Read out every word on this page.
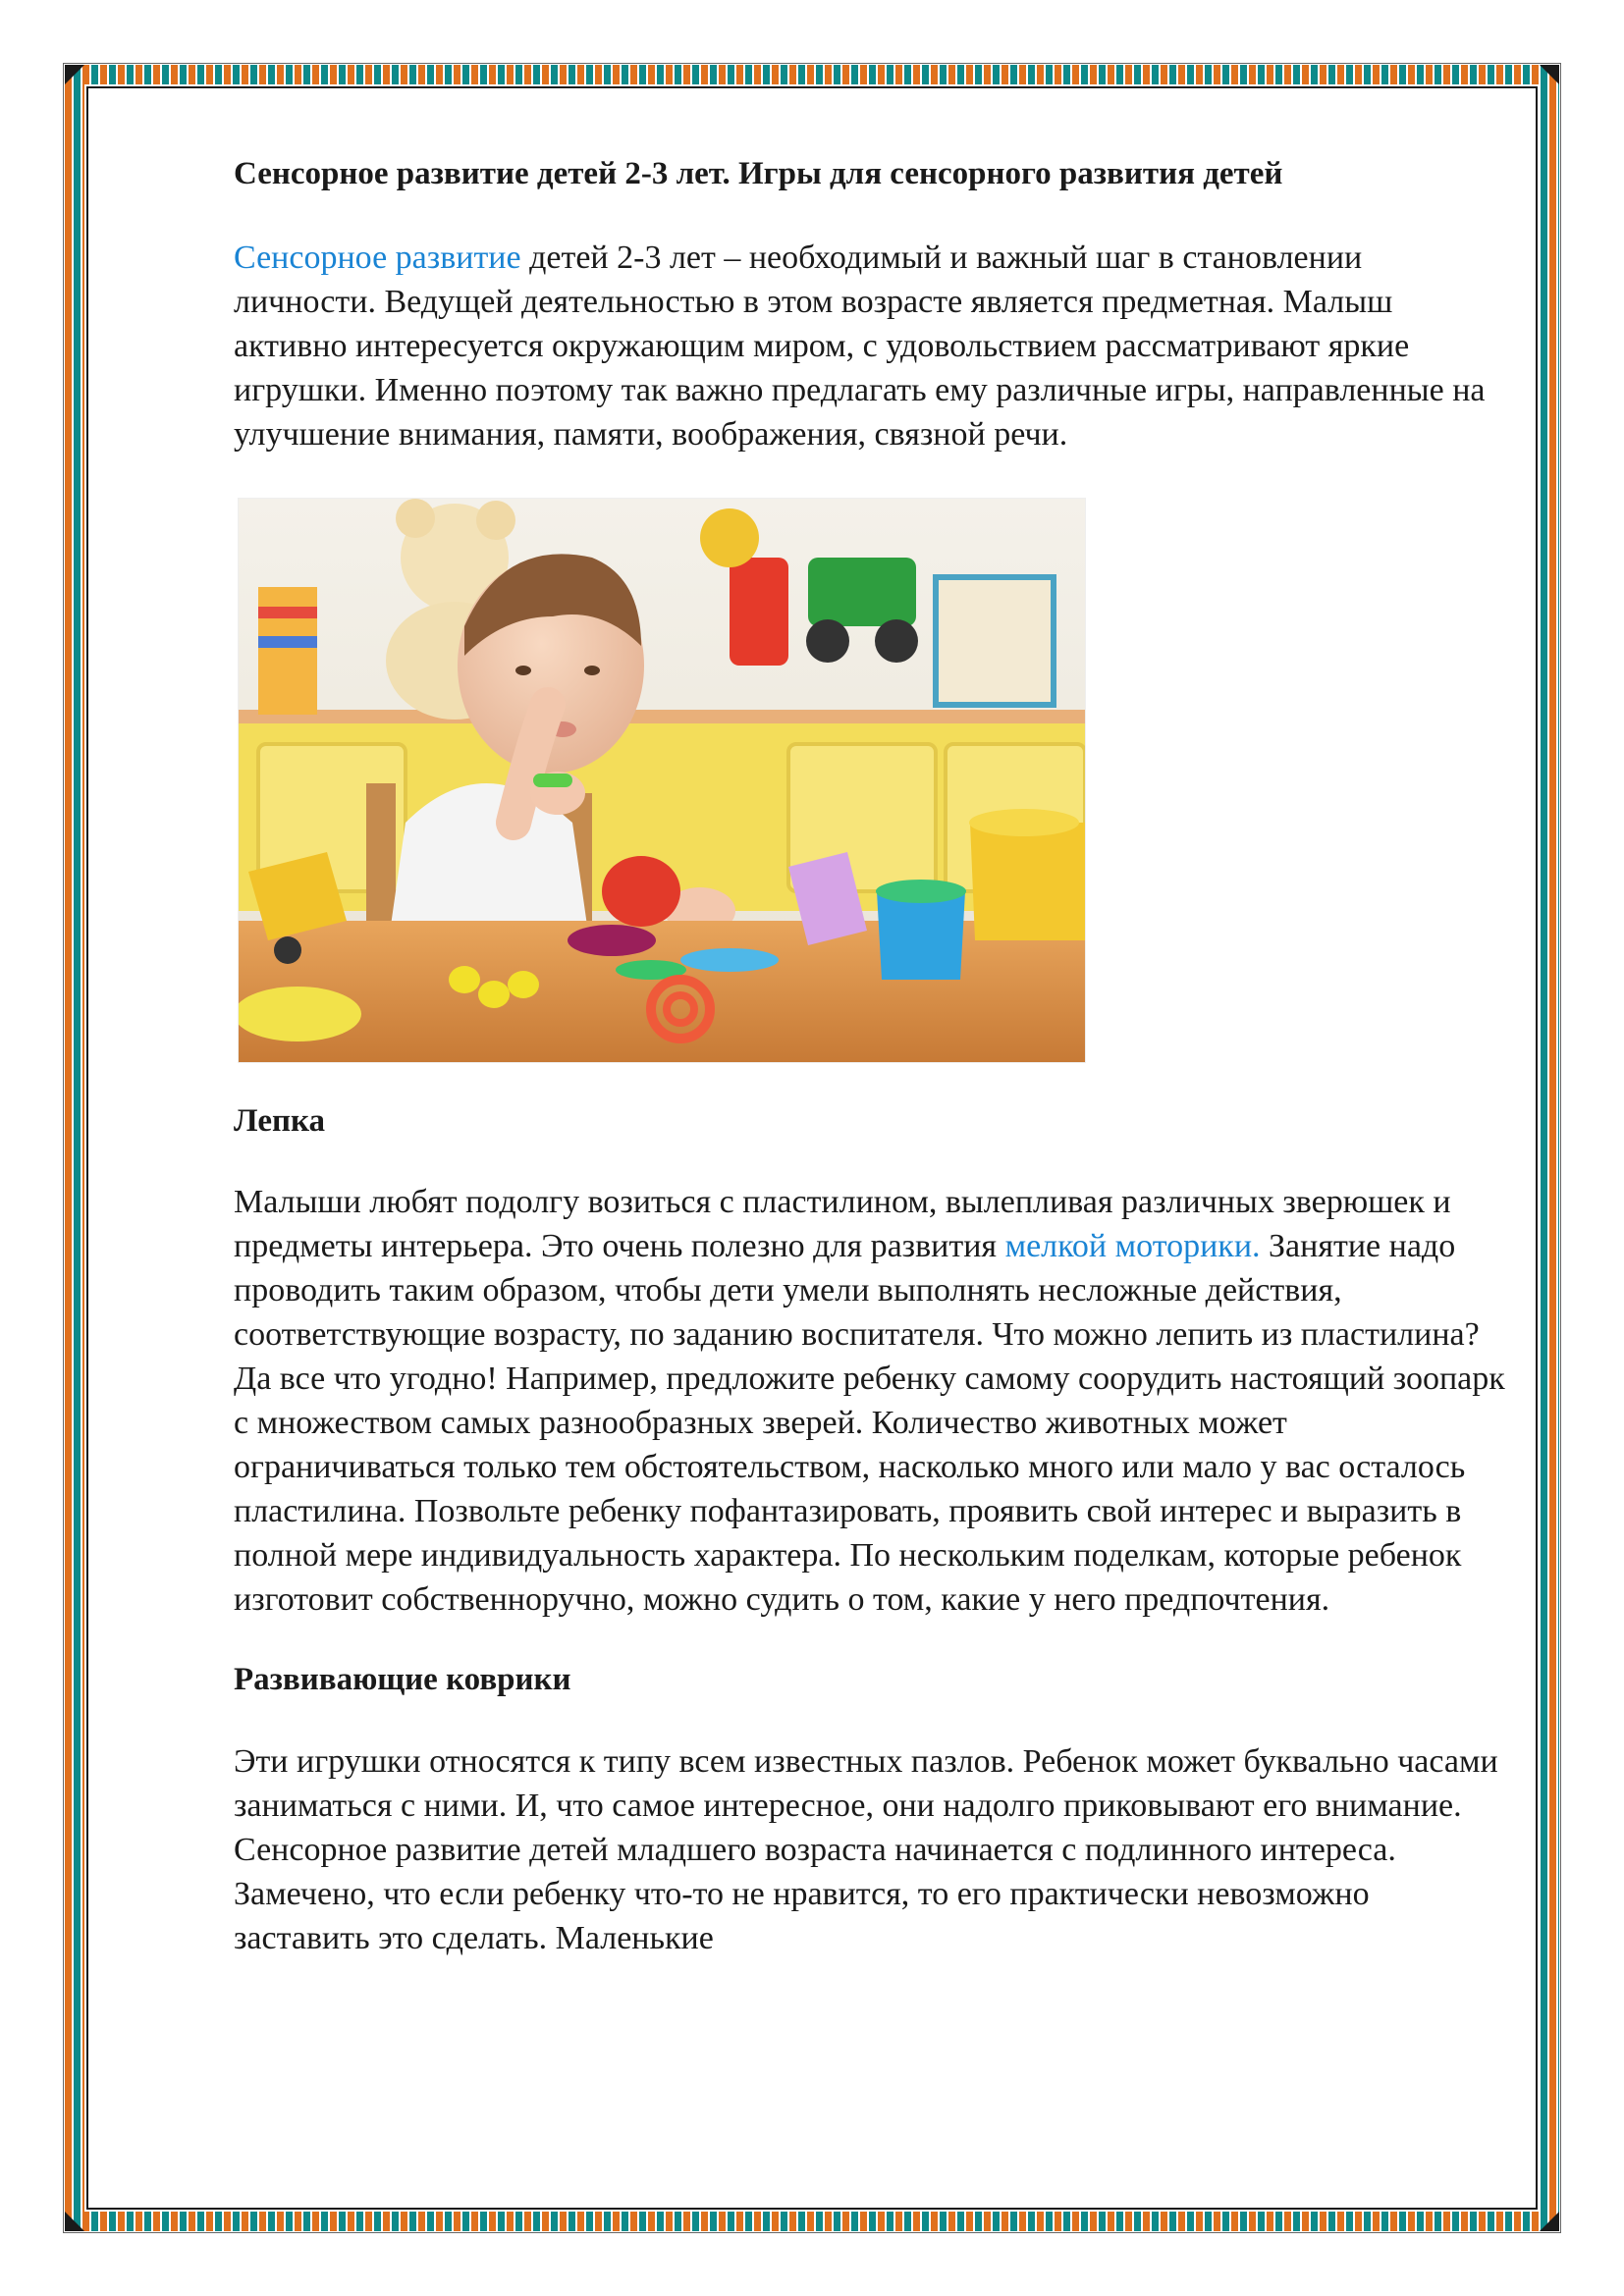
Сенсорное развитие детей 2-3 лет. Игры для сенсорного развития детей

Сенсорное развитие детей 2-3 лет – необходимый и важный шаг в становлении личности. Ведущей деятельностью в этом возрасте является предметная. Малыш активно интересуется окружающим миром, с удовольствием рассматривают яркие игрушки. Именно поэтому так важно предлагать ему различные игры, направленные на улучшение внимания, памяти, воображения, связной речи.

Лепка

Малыши любят подолгу возиться с пластилином, вылепливая различных зверюшек и предметы интерьера. Это очень полезно для развития мелкой моторики. Занятие надо проводить таким образом, чтобы дети умели выполнять несложные действия, соответствующие возрасту, по заданию воспитателя. Что можно лепить из пластилина? Да все что угодно! Например, предложите ребенку самому соорудить настоящий зоопарк с множеством самых разнообразных зверей. Количество животных может ограничиваться только тем обстоятельством, насколько много или мало у вас осталось пластилина. Позвольте ребенку пофантазировать, проявить свой интерес и выразить в полной мере индивидуальность характера. По нескольким поделкам, которые ребенок изготовит собственноручно, можно судить о том, какие у него предпочтения.

Развивающие коврики

Эти игрушки относятся к типу всем известных пазлов. Ребенок может буквально часами заниматься с ними. И, что самое интересное, они надолго приковывают его внимание. Сенсорное развитие детей младшего возраста начинается с подлинного интереса. Замечено, что если ребенку что-то не нравится, то его практически невозможно заставить это сделать. Маленькие
